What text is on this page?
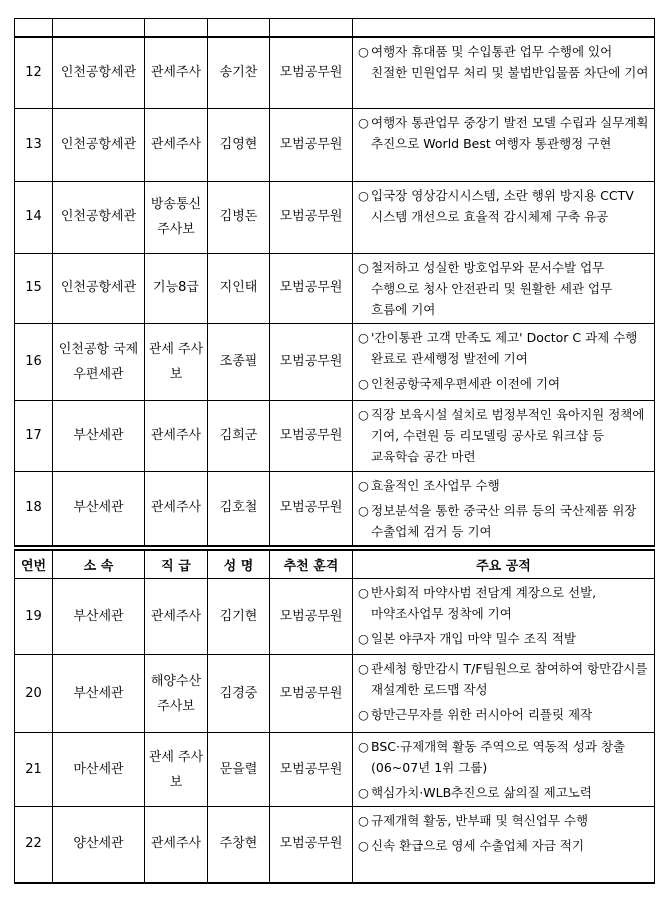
12	인천공항세관	관세주사	송기찬	모범공무원	○ 여행자 휴대품 및 수입통관 업무 수행에 있어 친절한 민원업무 처리 및 불법반입물품 차단에 기여

13	인천공항세관	관세주사	김영현	모범공무원	○ 여행자 통관업무 중장기 발전 모델 수립과 실무계획 추진으로 World Best 여행자 통관행정 구현

14	인천공항세관	방송통신 주사보	김병돈	모범공무원	○ 입국장 영상감시시스템, 소란 행위 방지용 CCTV 시스템 개선으로 효율적 감시체제 구축 유공

15	인천공항세관	기능8급	지인태	모범공무원	○ 철저하고 성실한 방호업무와 문서수발 업무 수행으로 청사 안전관리 및 원활한 세관 업무 흐름에 기여

16	인천공항 국제우편세관	관세 주사보	조종필	모범공무원	○ '간이통관 고객 만족도 제고' Doctor C 과제 수행 완료로 관세행정 발전에 기여
○ 인천공항국제우편세관 이전에 기여

17	부산세관	관세주사	김희군	모범공무원	○ 직장 보육시설 설치로 범정부적인 육아지원 정책에 기여, 수련원 등 리모델링 공사로 워크샵 등 교육학습 공간 마련

18	부산세관	관세주사	김호철	모범공무원	○ 효율적인 조사업무 수행
○ 정보분석을 통한 중국산 의류 등의 국산제품 위장 수출업체 검거 등 기여
연번	소 속	직 급	성 명	추천 훈격	주요 공적
19	부산세관	관세주사	김기현	모범공무원	○ 반사회적 마약사범 전담계 계장으로 선발, 마약조사업무 정착에 기여
○ 일본 야쿠자 개입 마약 밀수 조직 적발

20	부산세관	해양수산 주사보	김경중	모범공무원	○ 관세청 항만감시 T/F팀원으로 참여하여 항만감시를 재설계한 로드맵 작성
○ 항만근무자를 위한 러시아어 리플릿 제작

21	마산세관	관세 주사보	문을렬	모범공무원	○ BSC·규제개혁 활동 주역으로 역동적 성과 창출(06~07년 1위 그룹)
○ 핵심가치·WLB추진으로 삶의질 제고노력

22	양산세관	관세주사	주창현	모범공무원	○ 규제개혁 활동, 반부패 및 혁신업무 수행
○ 신속 환급으로 영세 수출업체 자금 적기
